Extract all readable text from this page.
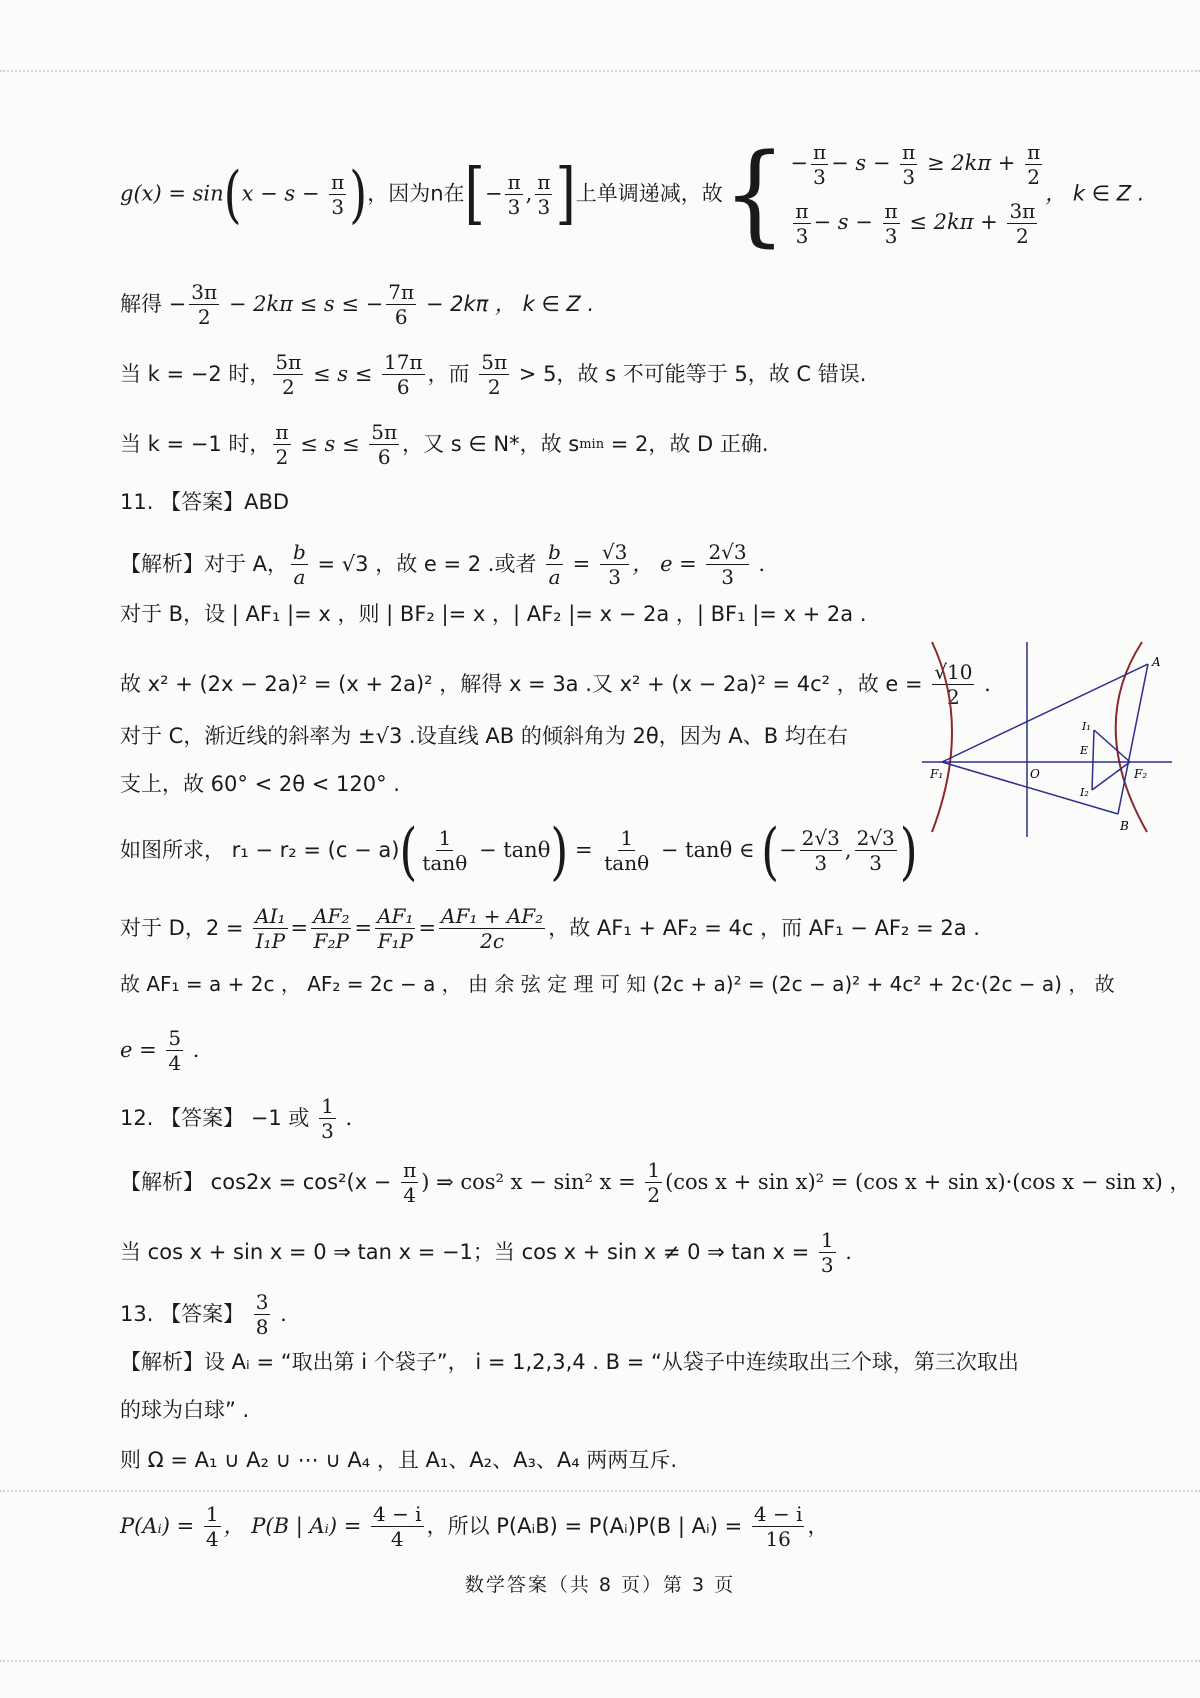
$g(x) = \sin(x - s - \frac{\pi}{3}$ )，因为n在[− $\frac{\pi}{3}$ , $\frac{\pi}{3}$ ]上单调递减，故{ − $\frac{\pi}{3} - s - \frac{\pi}{3} \ge 2k\pi + \frac{\pi}{2}$
$\frac{\pi}{3} - s - \frac{\pi}{3} \le 2k\pi + \frac{3\pi}{2}$
， k ∈ Z .
解得 − $\frac{3\pi}{2} - 2k\pi \le s$ ≤ − $\frac{7\pi}{6} - 2k\pi$ ， k ∈ Z .
当 k = −2 时， $\frac{5\pi}{2} \le s \le \frac{17\pi}{6}$ ，而 $\frac{5\pi}{2} > 5$，故 s 不可能等于 5，故 C 错误.
当 k = −1 时， $\frac{\pi}{2} \le s \le \frac{5\pi}{6}$ ，又 s ∈ N*，故 smin = 2，故 D 正确.
11. 【答案】ABD
【解析】对于 A， $\frac{b}{a} = √3$ ，故 e = 2 .或者 $\frac{b}{a} = \frac{√3}{3}$ ， $e = \frac{2√3}{3}$ .
对于 B，设 | AF₁ |= x ，则 | BF₂ |= x ，| AF₂ |= x − 2a ，| BF₁ |= x + 2a .
故 x² + (2x − 2a)² = (x + 2a)² ，解得 x = 3a .又 x² + (x − 2a)² = 4c² ，故 $e = \frac{√10}{2}$ .
对于 C，渐近线的斜率为 ±√3 .设直线 AB 的倾斜角为 2θ，因为 A、B 均在右
支上，故 60° < 2θ < 120° .
如图所求， $r_1 - r_2 = (c - a)( \frac{1}{\tan\theta} - \tan\theta) = \frac{1}{\tan\theta} - \tan\theta$ ∈ (− $\frac{2√3}{3}$ , $\frac{2√3}{3}$ )
对于 D，$2 = \frac{\text{AI₁}}{\text{I₁P}} = \frac{\text{AF₂}}{\text{F₂P}} = \frac{\text{AF₁}}{\text{F₁P}} = \frac{\text{AF₁ + AF₂}}{2c}$ ，故 AF₁ + AF₂ = 4c ，而 AF₁ − AF₂ = 2a .
故 AF₁ = a + 2c ， AF₂ = 2c − a ， 由 余 弦 定 理 可 知 (2c + a)² = (2c − a)² + 4c² + 2c·(2c − a) ， 故
$e = \frac{5}{4}$ .
12. 【答案】 −1 或 $\frac{1}{3}$ .
【解析】 $\cos 2x = \cos^2(x - \frac{\pi}{4}$ ) ⇒ cos² x − sin² $x = \frac{1}{2} (\cos$ x + sin x)² = (cos x + sin x)·(cos x − sin x) ，
当 cos x + sin x = 0 ⇒ tan x = −1；当 cos x + sin x ≠ 0 ⇒ $\tan x = \frac{1}{3}$ .
13. 【答案】 $\frac{3}{8}$ .
【解析】设 Aᵢ = “取出第 i 个袋子”， i = 1,2,3,4 . B = “从袋子中连续取出三个球，第三次取出
的球为白球” .
则 Ω = A₁ ∪ A₂ ∪ ⋯ ∪ A₄ ，且 A₁、A₂、A₃、A₄ 两两互斥.
P(Aᵢ) = $\frac{1}{4}$ ， P(B | Aᵢ) = $\frac{4 - i}{4}$ ，所以 P(AᵢB) = P(Aᵢ)P(B | Aᵢ) = $\frac{4 - i}{16}$ ，
A
B
F₁	F₂
O
E
I₁
I₂
数学答案（共 8 页）第 3 页
